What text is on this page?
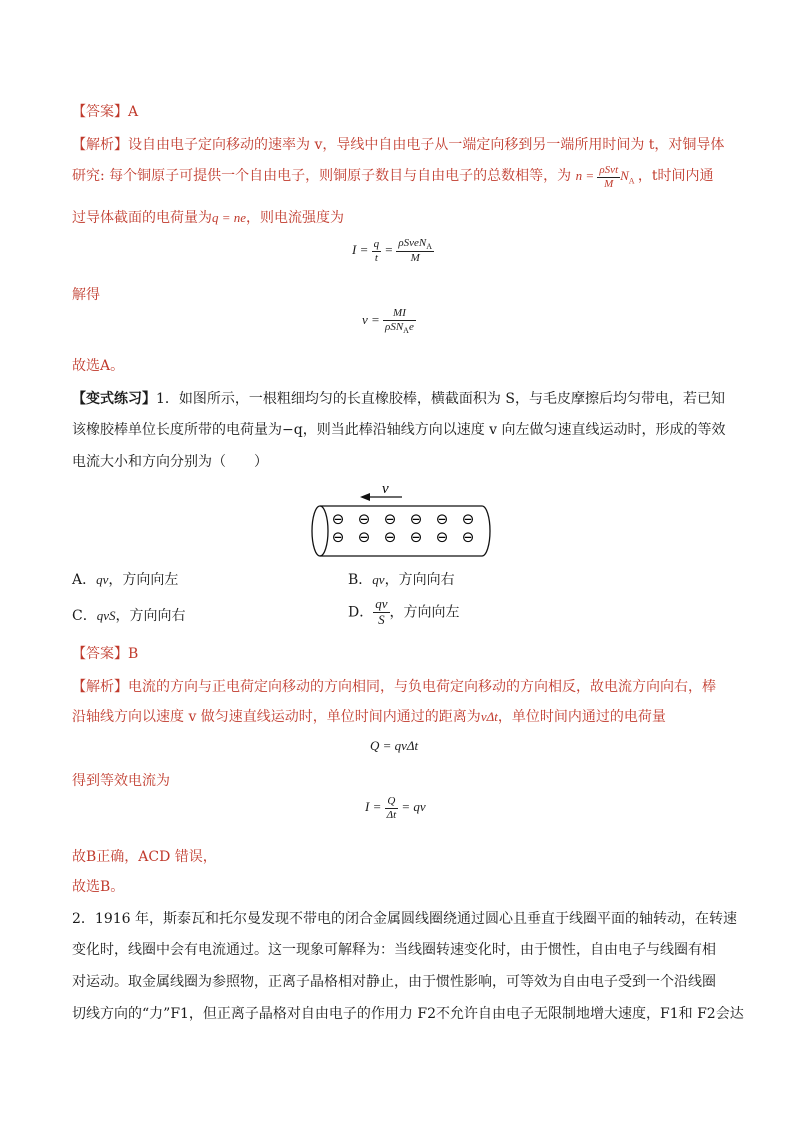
【答案】A
【解析】设自由电子定向移动的速率为 v，导线中自由电子从一端定向移到另一端所用时间为 t，对铜导体
研究: 每个铜原子可提供一个自由电子，则铜原子数目与自由电子的总数相等，为 $n = \frac{\text{ρSvt}}{M} N_A$ ，t时间内通
过导体截面的电荷量为q = ne，则电流强度为
$I = \frac{q}{t} = \frac{\rho SveN_A}{M}$
解得
$v = \frac{MI}{\rho SN_Ae}$
故选A。
【变式练习】1．如图所示，一根粗细均匀的长直橡胶棒，横截面积为 S，与毛皮摩擦后均匀带电，若已知
该橡胶棒单位长度所带的电荷量为−q，则当此棒沿轴线方向以速度 v 向左做匀速直线运动时，形成的等效
电流大小和方向分别为（　　）
v
⊖ ⊖ ⊖ ⊖ ⊖ ⊖
⊖ ⊖ ⊖ ⊖ ⊖ ⊖
A．qv，方向向左	B．qv，方向向右
C．qvS，方向向右	D． $\frac{qv}{S}$ ，方向向左
【答案】B
【解析】电流的方向与正电荷定向移动的方向相同，与负电荷定向移动的方向相反，故电流方向向右，棒
沿轴线方向以速度 v 做匀速直线运动时，单位时间内通过的距离为vΔt，单位时间内通过的电荷量
Q = qvΔt
得到等效电流为
$I = \frac{Q}{\Delta t}$ = qv
故B正确，ACD 错误，
故选B。
2．1916 年，斯泰瓦和托尔曼发现不带电的闭合金属圆线圈绕通过圆心且垂直于线圈平面的轴转动，在转速
变化时，线圈中会有电流通过。这一现象可解释为：当线圈转速变化时，由于惯性，自由电子与线圈有相
对运动。取金属线圈为参照物，正离子晶格相对静止，由于惯性影响，可等效为自由电子受到一个沿线圈
切线方向的“力”F1，但正离子晶格对自由电子的作用力 F2不允许自由电子无限制地增大速度，F1和 F2会达
